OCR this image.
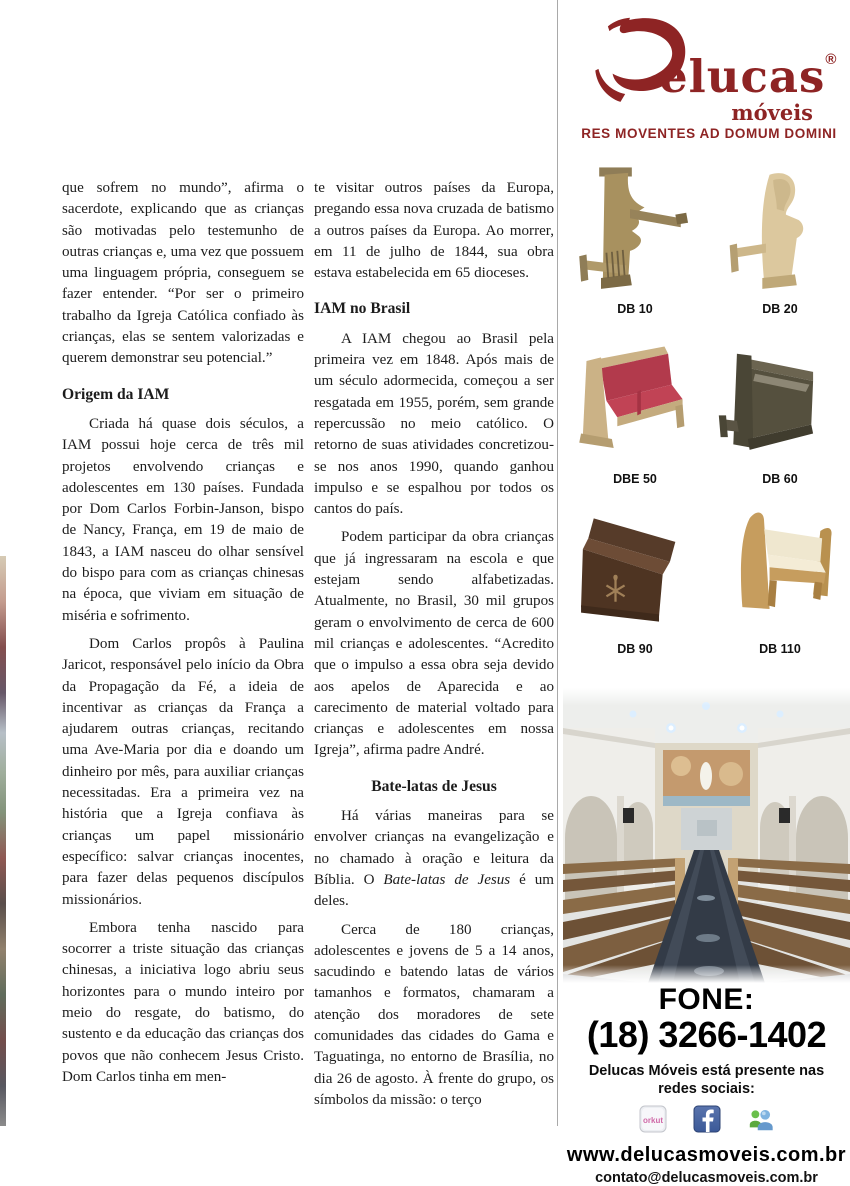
que sofrem no mundo”, afirma o sacerdote, explicando que as crianças são motivadas pelo testemunho de outras crianças e, uma vez que possuem uma linguagem própria, conseguem se fazer entender. “Por ser o primeiro trabalho da Igreja Católica confiado às crianças, elas se sentem valorizadas e querem demonstrar seu potencial.”

Origem da IAM

Criada há quase dois séculos, a IAM possui hoje cerca de três mil projetos envolvendo crianças e adolescentes em 130 países. Fundada por Dom Carlos Forbin-Janson, bispo de Nancy, França, em 19 de maio de 1843, a IAM nasceu do olhar sensível do bispo para com as crianças chinesas na época, que viviam em situação de miséria e sofrimento.

Dom Carlos propôs à Paulina Jaricot, responsável pelo início da Obra da Propagação da Fé, a ideia de incentivar as crianças da França a ajudarem outras crianças, recitando uma Ave-Maria por dia e doando um dinheiro por mês, para auxiliar crianças necessitadas. Era a primeira vez na história que a Igreja confiava às crianças um papel missionário específico: salvar crianças inocentes, para fazer delas pequenos discípulos missionários.

Embora tenha nascido para socorrer a triste situação das crianças chinesas, a iniciativa logo abriu seus horizontes para o mundo inteiro por meio do resgate, do batismo, do sustento e da educação das crianças dos povos que não conhecem Jesus Cristo. Dom Carlos tinha em men-

te visitar outros países da Europa, pregando essa nova cruzada de batismo a outros países da Europa. Ao morrer, em 11 de julho de 1844, sua obra estava estabelecida em 65 dioceses.

IAM no Brasil

A IAM chegou ao Brasil pela primeira vez em 1848. Após mais de um século adormecida, começou a ser resgatada em 1955, porém, sem grande repercussão no meio católico. O retorno de suas atividades concretizou-se nos anos 1990, quando ganhou impulso e se espalhou por todos os cantos do país.

Podem participar da obra crianças que já ingressaram na escola e que estejam sendo alfabetizadas. Atualmente, no Brasil, 30 mil grupos geram o envolvimento de cerca de 600 mil crianças e adolescentes. “Acredito que o impulso a essa obra seja devido aos apelos de Aparecida e ao carecimento de material voltado para crianças e adolescentes em nossa Igreja”, afirma padre André.

Bate-latas de Jesus

Há várias maneiras para se envolver crianças na evangelização e no chamado à oração e leitura da Bíblia. O Bate-latas de Jesus é um deles.

Cerca de 180 crianças, adolescentes e jovens de 5 a 14 anos, sacudindo e batendo latas de vários tamanhos e formatos, chamaram a atenção dos moradores de sete comunidades das cidades do Gama e Taguatinga, no entorno de Brasília, no dia 26 de agosto. À frente do grupo, os símbolos da missão: o terço

elucas®
móveis
RES MOVENTES AD DOMUM DOMINI
DB 10	DB 20
DBE 50	DB 60
DB 90	DB 110
FONE:
(18) 3266-1402
Delucas Móveis está presente nas
redes sociais:
orkut
www.delucasmoveis.com.br
contato@delucasmoveis.com.br
